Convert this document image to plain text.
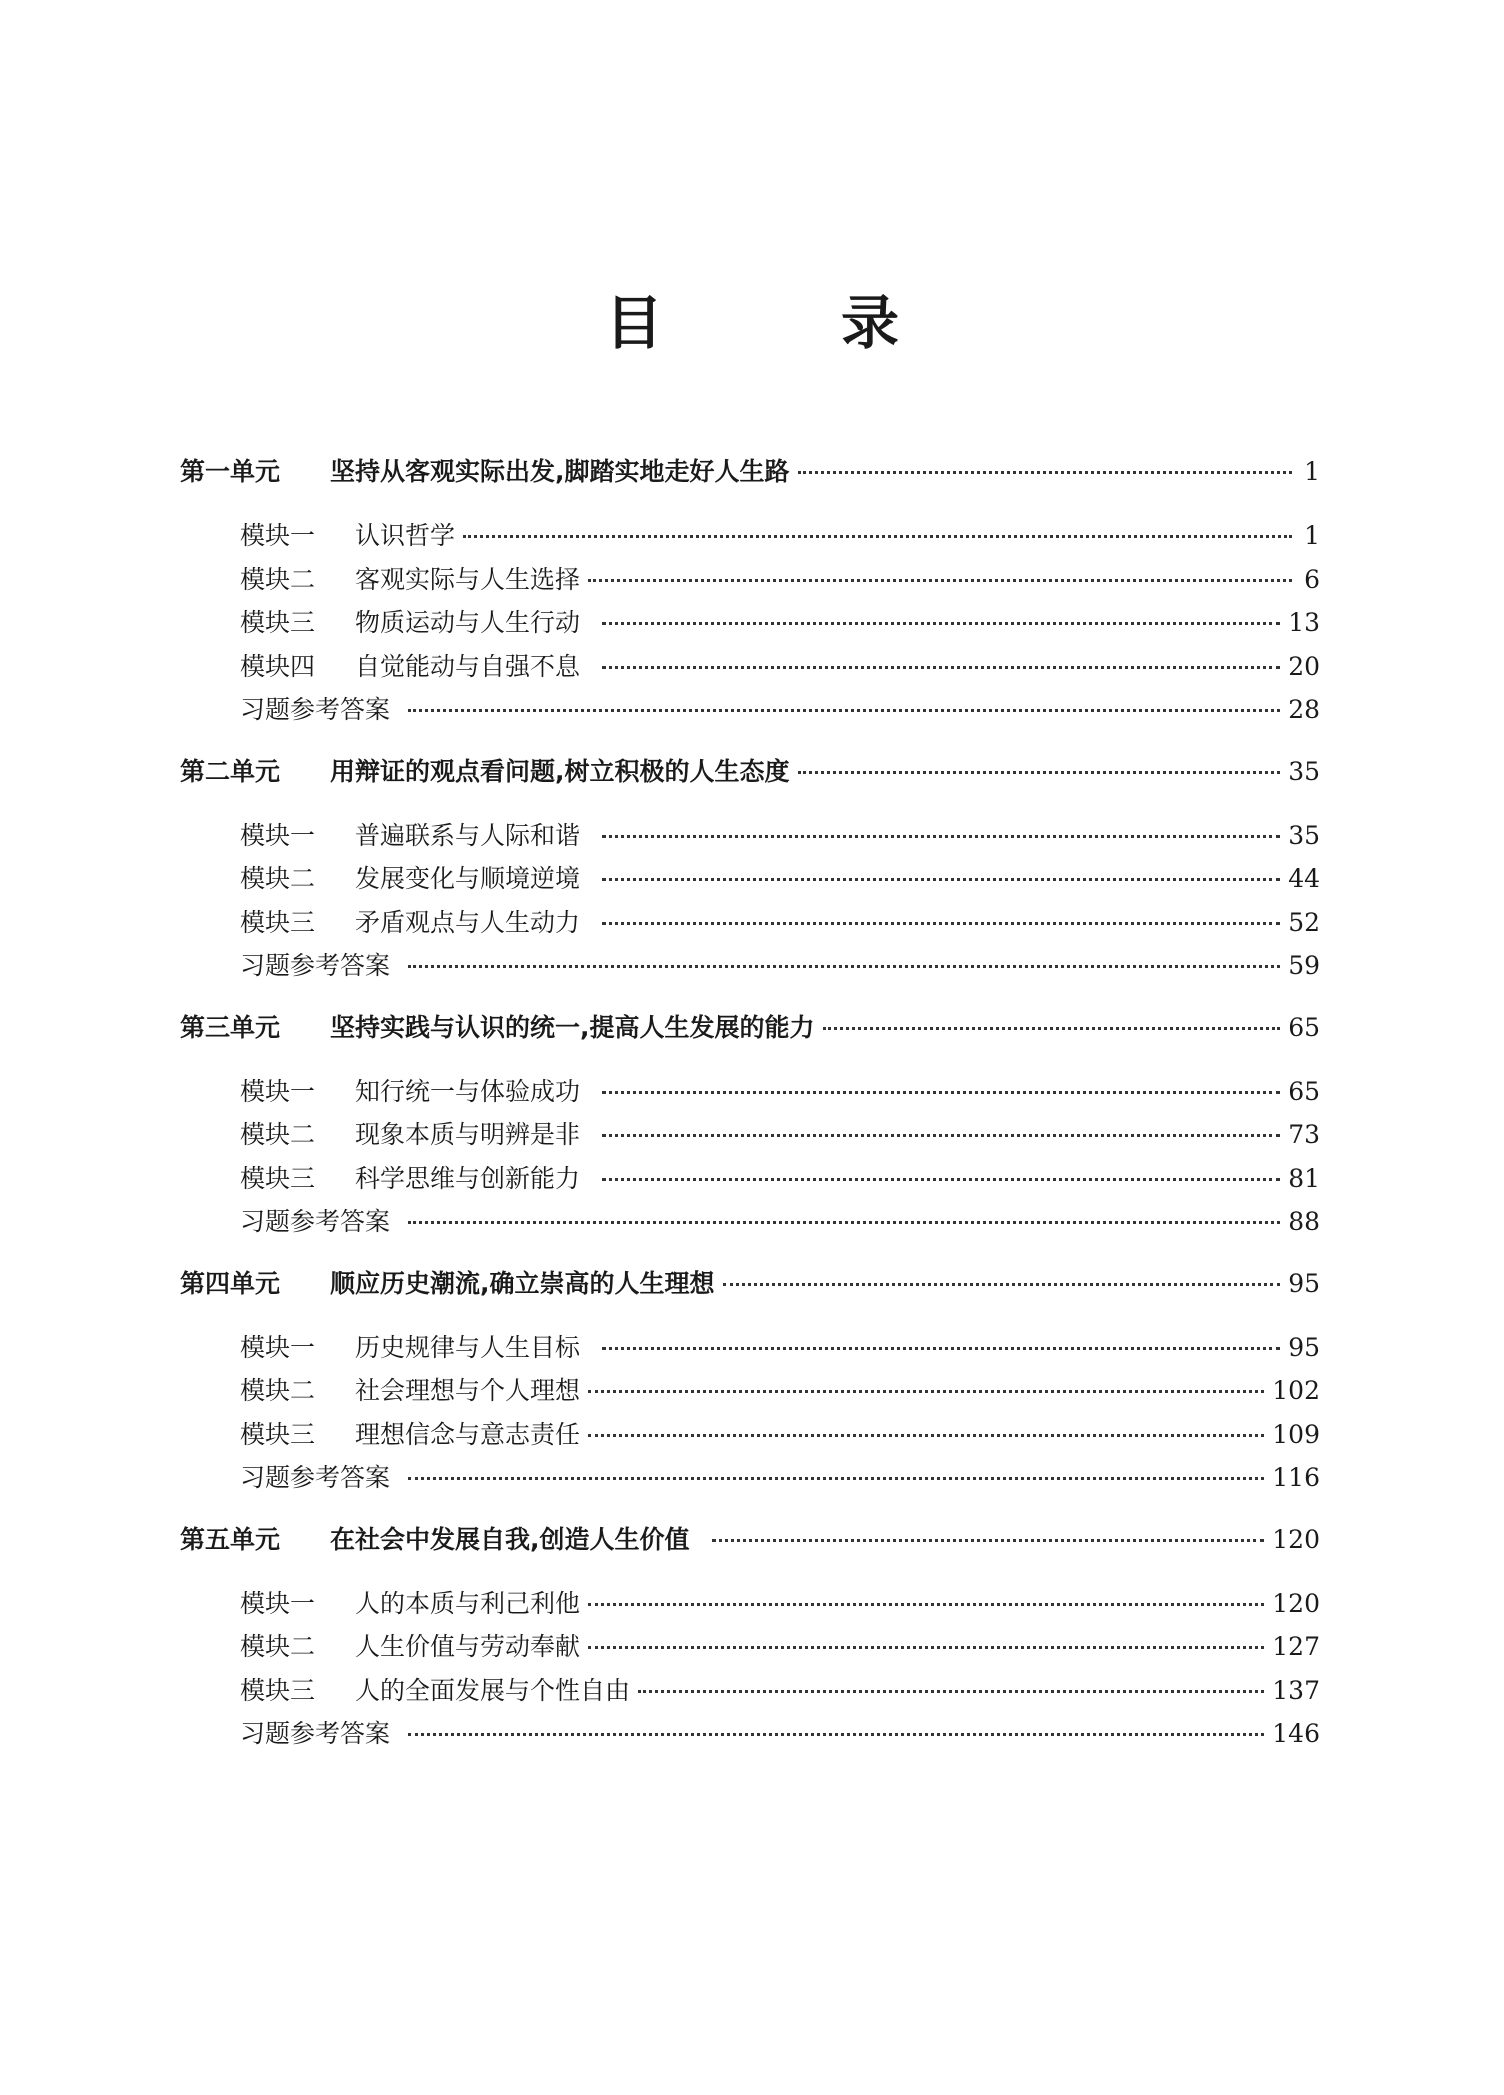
目　录
第一单元	坚持从客观实际出发,脚踏实地走好人生路	1
模块一	认识哲学	1
模块二	客观实际与人生选择	6
模块三	物质运动与人生行动	13
模块四	自觉能动与自强不息	20
习题参考答案	28
第二单元	用辩证的观点看问题,树立积极的人生态度	35
模块一	普遍联系与人际和谐	35
模块二	发展变化与顺境逆境	44
模块三	矛盾观点与人生动力	52
习题参考答案	59
第三单元	坚持实践与认识的统一,提高人生发展的能力	65
模块一	知行统一与体验成功	65
模块二	现象本质与明辨是非	73
模块三	科学思维与创新能力	81
习题参考答案	88
第四单元	顺应历史潮流,确立崇高的人生理想	95
模块一	历史规律与人生目标	95
模块二	社会理想与个人理想	102
模块三	理想信念与意志责任	109
习题参考答案	116
第五单元	在社会中发展自我,创造人生价值	120
模块一	人的本质与利己利他	120
模块二	人生价值与劳动奉献	127
模块三	人的全面发展与个性自由	137
习题参考答案	146
